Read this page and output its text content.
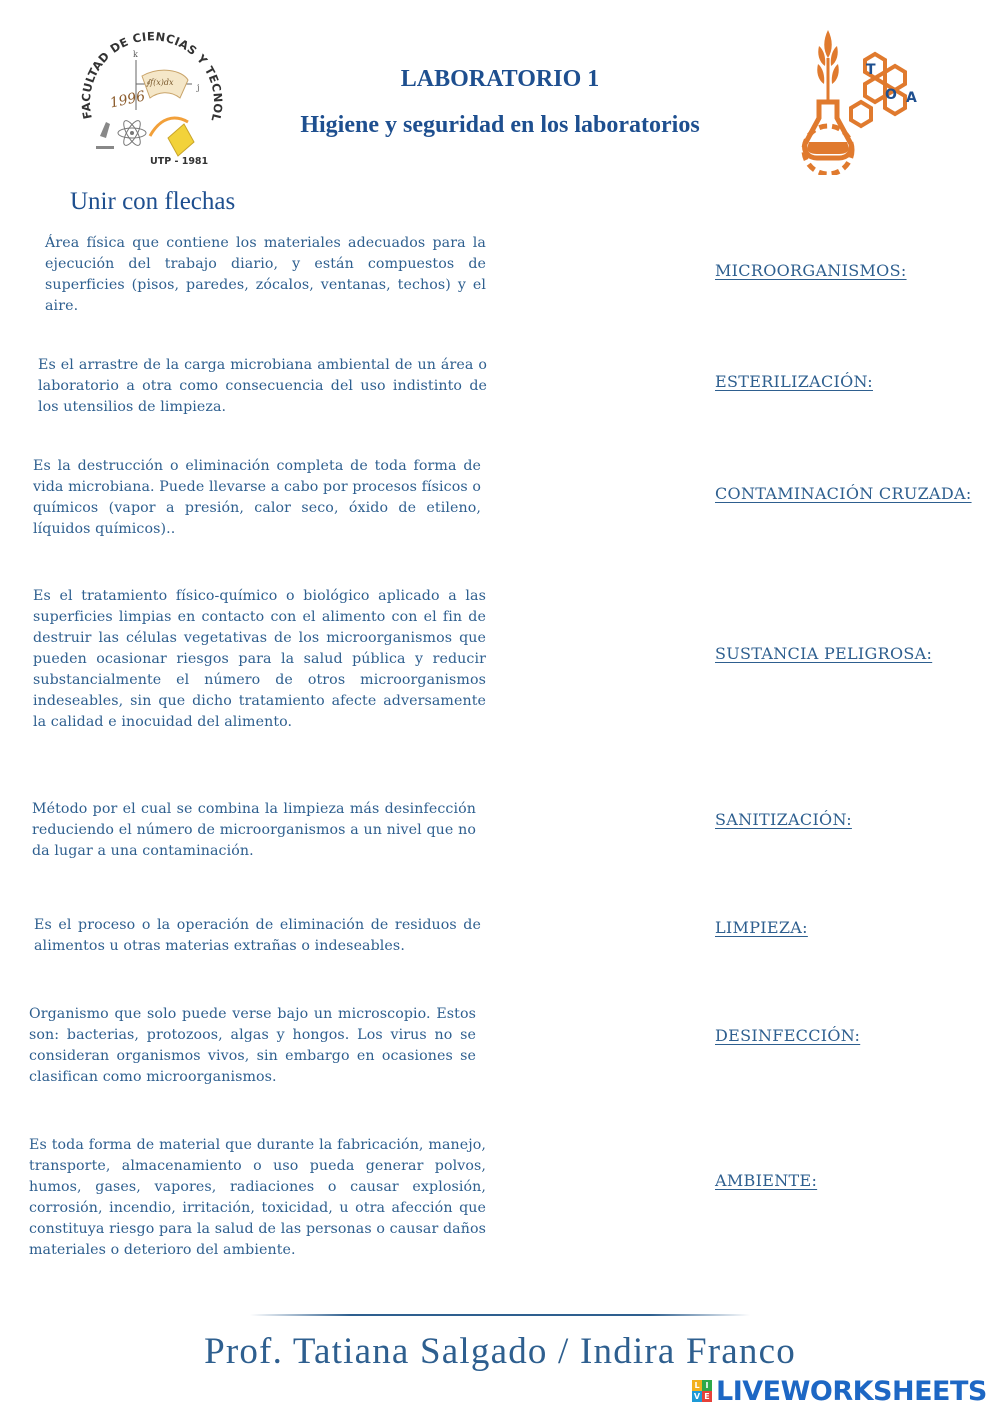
FACULTAD DE CIENCIAS Y TECNOL
k
j
∮f(x)dx
1996
UTP - 1981
LABORATORIO 1
Higiene y seguridad en los laboratorios
T
O A

Unir con flechas

Área física que contiene los materiales adecuados para la ejecución del trabajo diario, y están compuestos de superficies (pisos, paredes, zócalos, ventanas, techos) y el aire.

Es el arrastre de la carga microbiana ambiental de un área o laboratorio a otra como consecuencia del uso indistinto de los utensilios de limpieza.

Es la destrucción o eliminación completa de toda forma de vida microbiana. Puede llevarse a cabo por procesos físicos o químicos (vapor a presión, calor seco, óxido de etileno, líquidos químicos)..

Es el tratamiento físico-químico o biológico aplicado a las superficies limpias en contacto con el alimento con el fin de destruir las células vegetativas de los microorganismos que pueden ocasionar riesgos para la salud pública y reducir substancialmente el número de otros microorganismos indeseables, sin que dicho tratamiento afecte adversamente la calidad e inocuidad del alimento.

Método por el cual se combina la limpieza más desinfección reduciendo el número de microorganismos a un nivel que no da lugar a una contaminación.

Es el proceso o la operación de eliminación de residuos de alimentos u otras materias extrañas o indeseables.

Organismo que solo puede verse bajo un microscopio. Estos son: bacterias, protozoos, algas y hongos. Los virus no se consideran organismos vivos, sin embargo en ocasiones se clasifican como microorganismos.

Es toda forma de material que durante la fabricación, manejo, transporte, almacenamiento o uso pueda generar polvos, humos, gases, vapores, radiaciones o causar explosión, corrosión, incendio, irritación, toxicidad, u otra afección que constituya riesgo para la salud de las personas o causar daños materiales o deterioro del ambiente.

MICROORGANISMOS:
ESTERILIZACIÓN:
CONTAMINACIÓN CRUZADA:
SUSTANCIA PELIGROSA:
SANITIZACIÓN:
LIMPIEZA:
DESINFECCIÓN:
AMBIENTE:

Prof. Tatiana Salgado / Indira Franco

L I
V E LIVEWORKSHEETS
